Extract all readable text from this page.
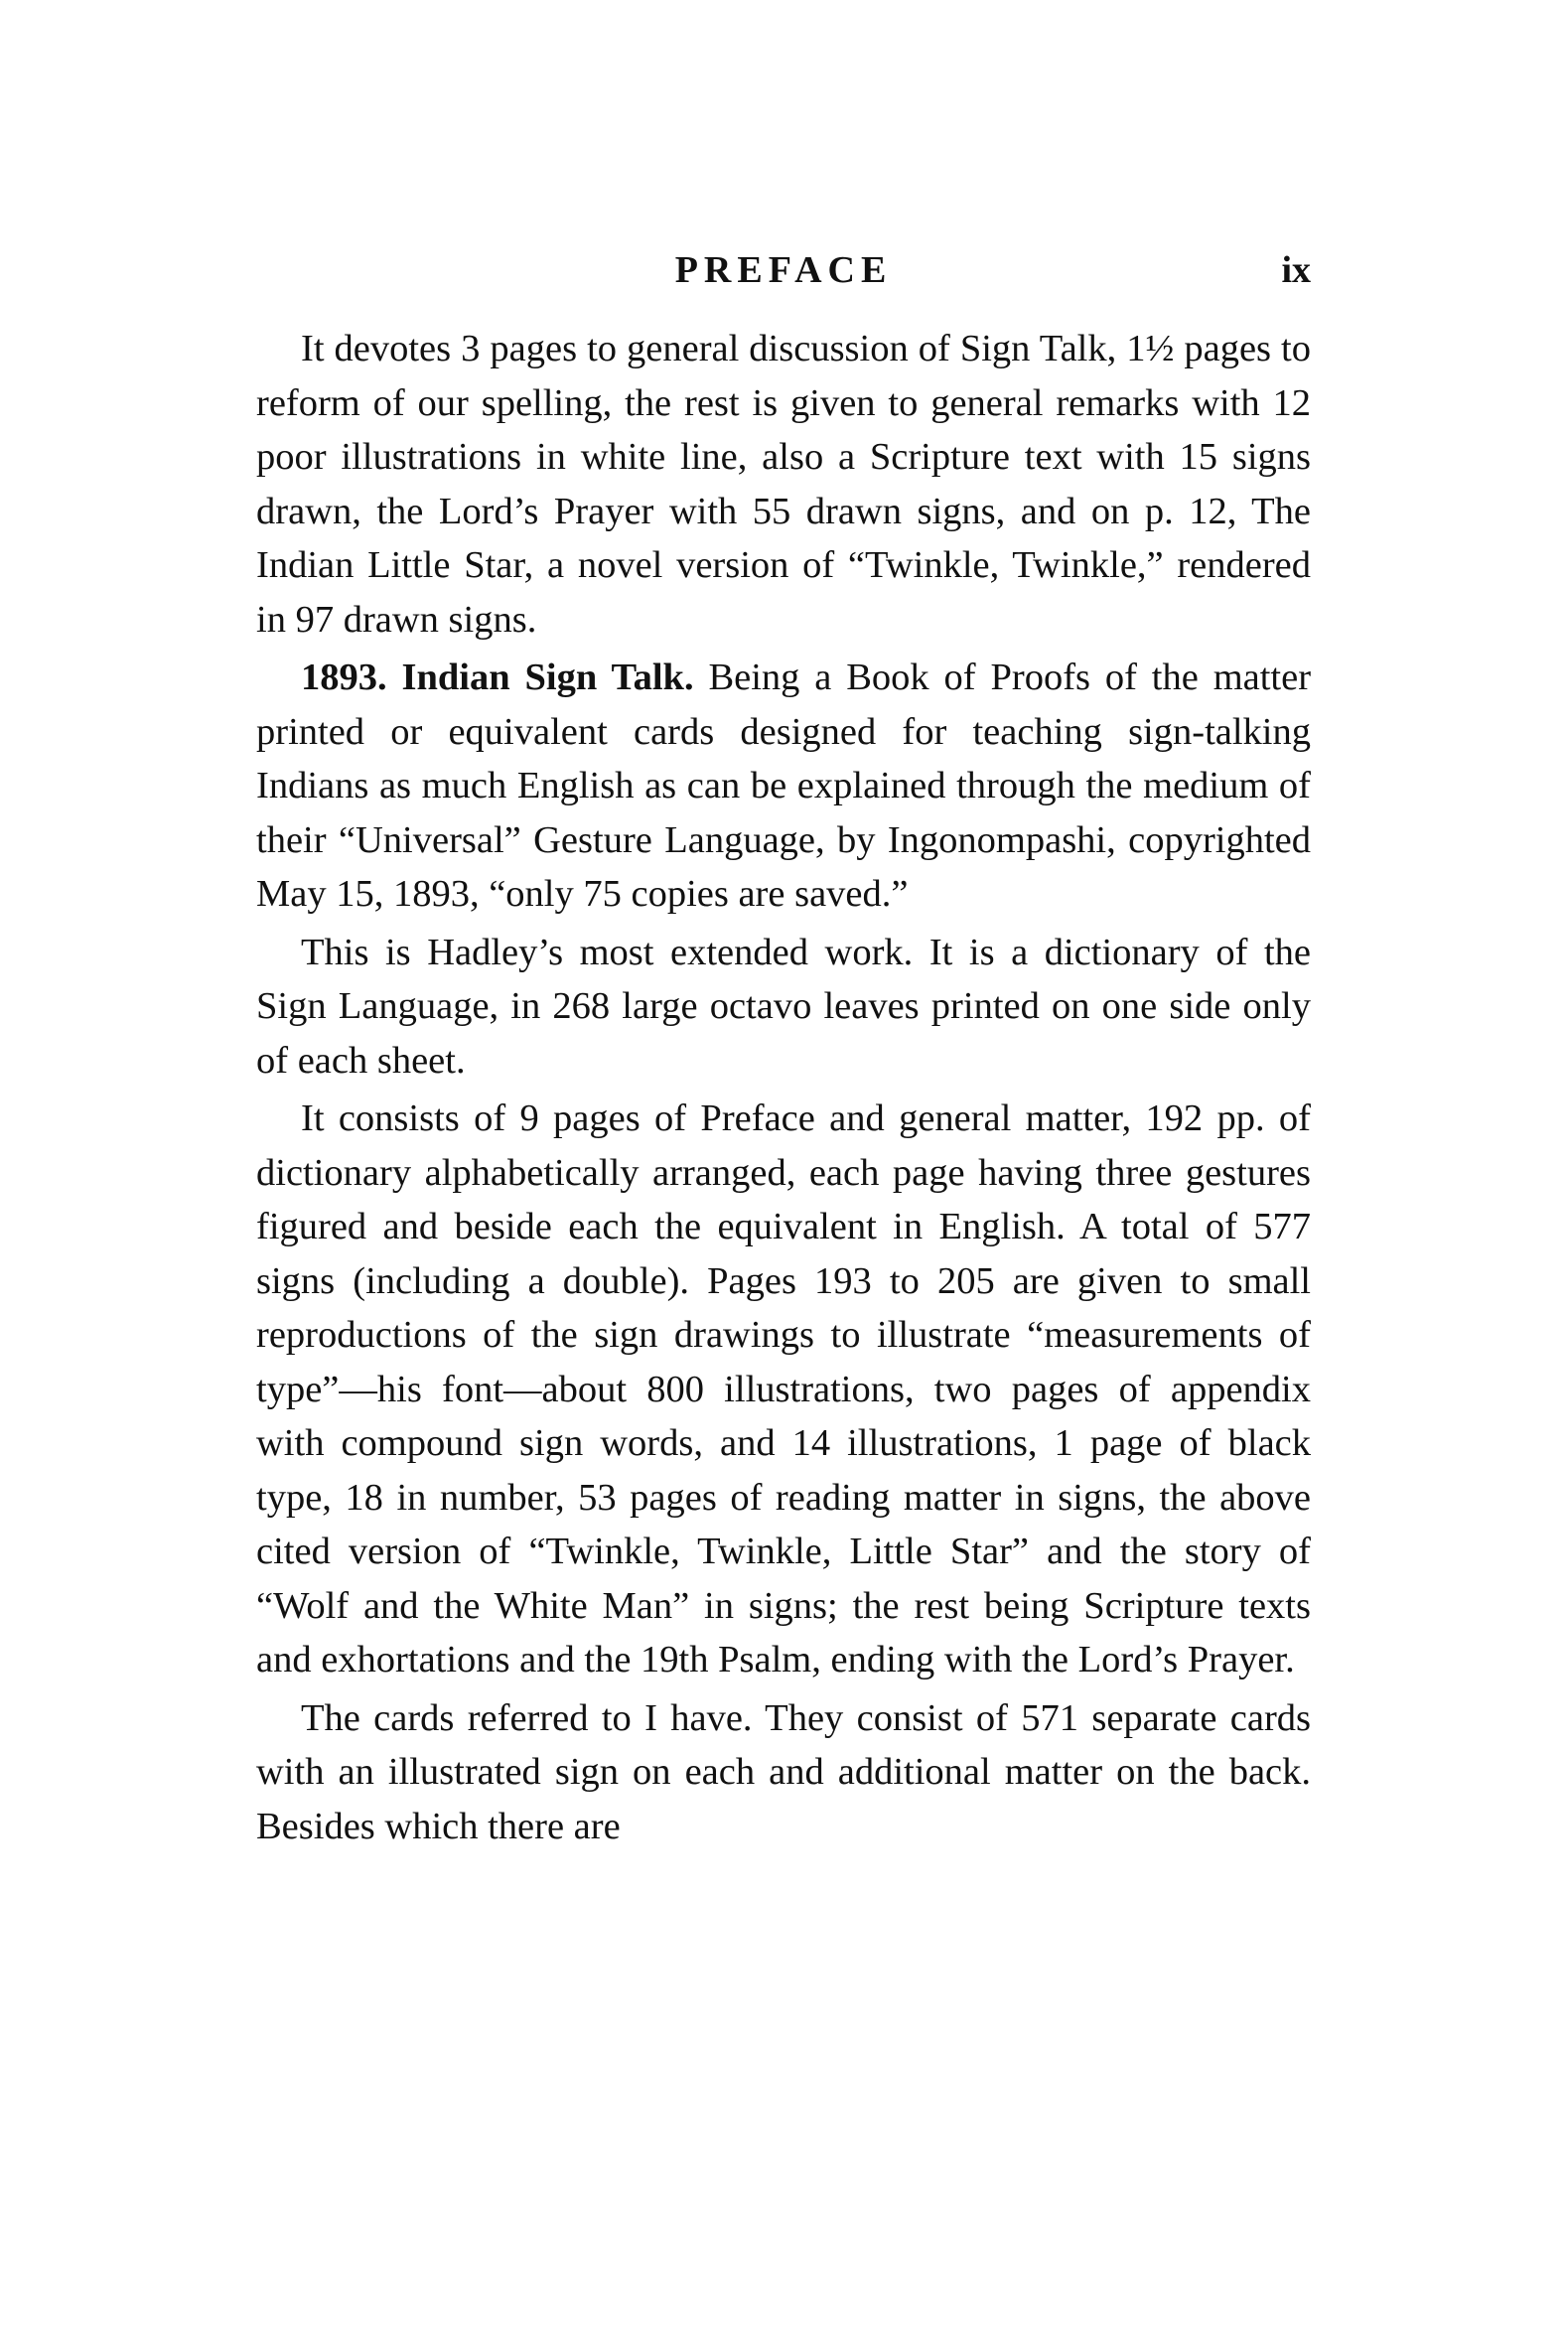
PREFACE	ix

It devotes 3 pages to general discussion of Sign Talk, 1½ pages to reform of our spelling, the rest is given to general remarks with 12 poor illustrations in white line, also a Scripture text with 15 signs drawn, the Lord’s Prayer with 55 drawn signs, and on p. 12, The Indian Little Star, a novel version of “Twinkle, Twinkle,” rendered in 97 drawn signs.

1893. Indian Sign Talk. Being a Book of Proofs of the matter printed or equivalent cards designed for teaching sign-talking Indians as much English as can be explained through the medium of their “Universal” Gesture Language, by Ingonompashi, copyrighted May 15, 1893, “only 75 copies are saved.”

This is Hadley’s most extended work. It is a dictionary of the Sign Language, in 268 large octavo leaves printed on one side only of each sheet.

It consists of 9 pages of Preface and general matter, 192 pp. of dictionary alphabetically arranged, each page having three gestures figured and beside each the equivalent in English. A total of 577 signs (including a double). Pages 193 to 205 are given to small reproductions of the sign drawings to illustrate “measurements of type”—his font—about 800 illustrations, two pages of appendix with compound sign words, and 14 illustrations, 1 page of black type, 18 in number, 53 pages of reading matter in signs, the above cited version of “Twinkle, Twinkle, Little Star” and the story of “Wolf and the White Man” in signs; the rest being Scripture texts and exhortations and the 19th Psalm, ending with the Lord’s Prayer.

The cards referred to I have. They consist of 571 separate cards with an illustrated sign on each and additional matter on the back. Besides which there are
